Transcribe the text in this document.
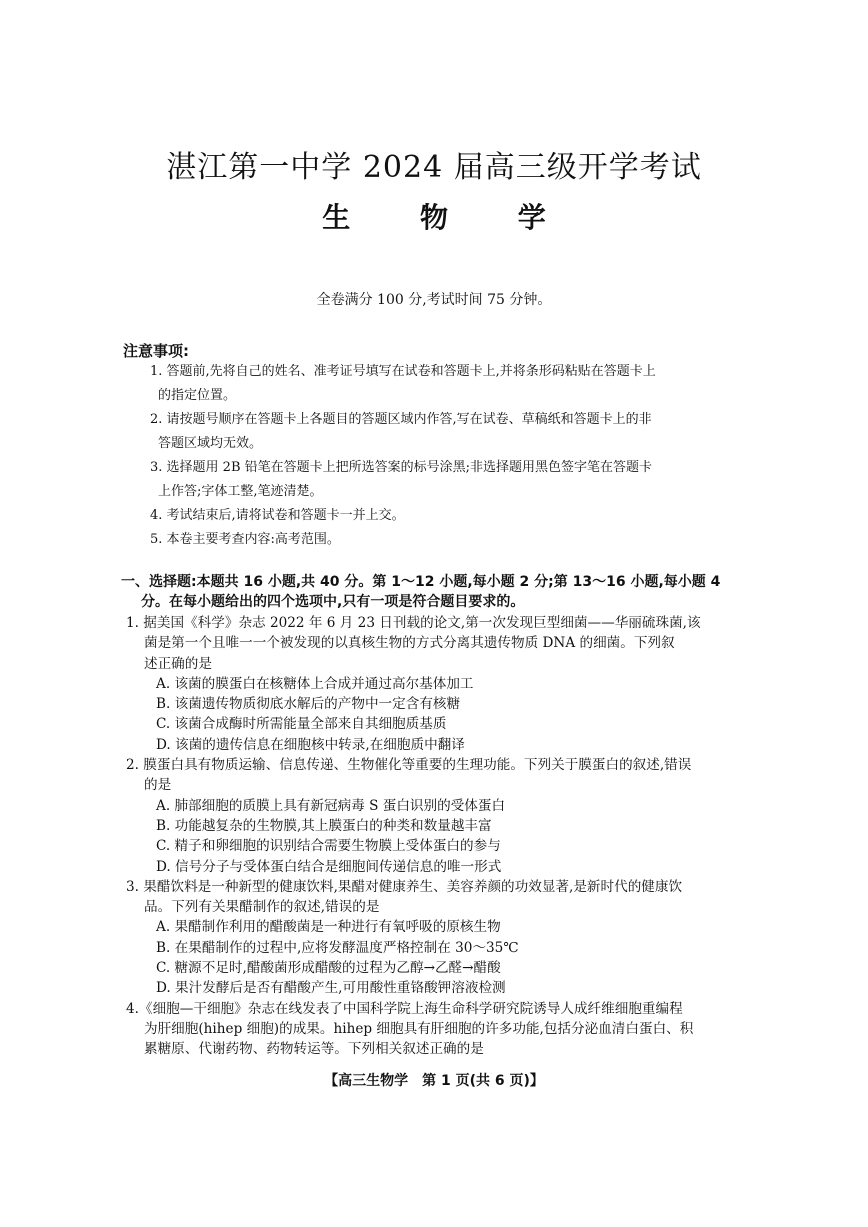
湛江第一中学 2024 届高三级开学考试
生 物 学
全卷满分 100 分,考试时间 75 分钟。
注意事项:
1. 答题前,先将自己的姓名、准考证号填写在试卷和答题卡上,并将条形码粘贴在答题卡上
的指定位置。
2. 请按题号顺序在答题卡上各题目的答题区域内作答,写在试卷、草稿纸和答题卡上的非
答题区域均无效。
3. 选择题用 2B 铅笔在答题卡上把所选答案的标号涂黑;非选择题用黑色签字笔在答题卡
上作答;字体工整,笔迹清楚。
4. 考试结束后,请将试卷和答题卡一并上交。
5. 本卷主要考查内容:高考范围。
一、选择题:本题共 16 小题,共 40 分。第 1～12 小题,每小题 2 分;第 13～16 小题,每小题 4
分。在每小题给出的四个选项中,只有一项是符合题目要求的。
1. 据美国《科学》杂志 2022 年 6 月 23 日刊载的论文,第一次发现巨型细菌——华丽硫珠菌,该
菌是第一个且唯一一个被发现的以真核生物的方式分离其遗传物质 DNA 的细菌。下列叙
述正确的是
A. 该菌的膜蛋白在核糖体上合成并通过高尔基体加工
B. 该菌遗传物质彻底水解后的产物中一定含有核糖
C. 该菌合成酶时所需能量全部来自其细胞质基质
D. 该菌的遗传信息在细胞核中转录,在细胞质中翻译
2. 膜蛋白具有物质运输、信息传递、生物催化等重要的生理功能。下列关于膜蛋白的叙述,错误
的是
A. 肺部细胞的质膜上具有新冠病毒 S 蛋白识别的受体蛋白
B. 功能越复杂的生物膜,其上膜蛋白的种类和数量越丰富
C. 精子和卵细胞的识别结合需要生物膜上受体蛋白的参与
D. 信号分子与受体蛋白结合是细胞间传递信息的唯一形式
3. 果醋饮料是一种新型的健康饮料,果醋对健康养生、美容养颜的功效显著,是新时代的健康饮
品。下列有关果醋制作的叙述,错误的是
A. 果醋制作利用的醋酸菌是一种进行有氧呼吸的原核生物
B. 在果醋制作的过程中,应将发酵温度严格控制在 30～35℃
C. 糖源不足时,醋酸菌形成醋酸的过程为乙醇→乙醛→醋酸
D. 果汁发酵后是否有醋酸产生,可用酸性重铬酸钾溶液检测
4.《细胞—干细胞》杂志在线发表了中国科学院上海生命科学研究院诱导人成纤维细胞重编程
为肝细胞(hihep 细胞)的成果。hihep 细胞具有肝细胞的许多功能,包括分泌血清白蛋白、积
累糖原、代谢药物、药物转运等。下列相关叙述正确的是
【高三生物学　第 1 页(共 6 页)】
